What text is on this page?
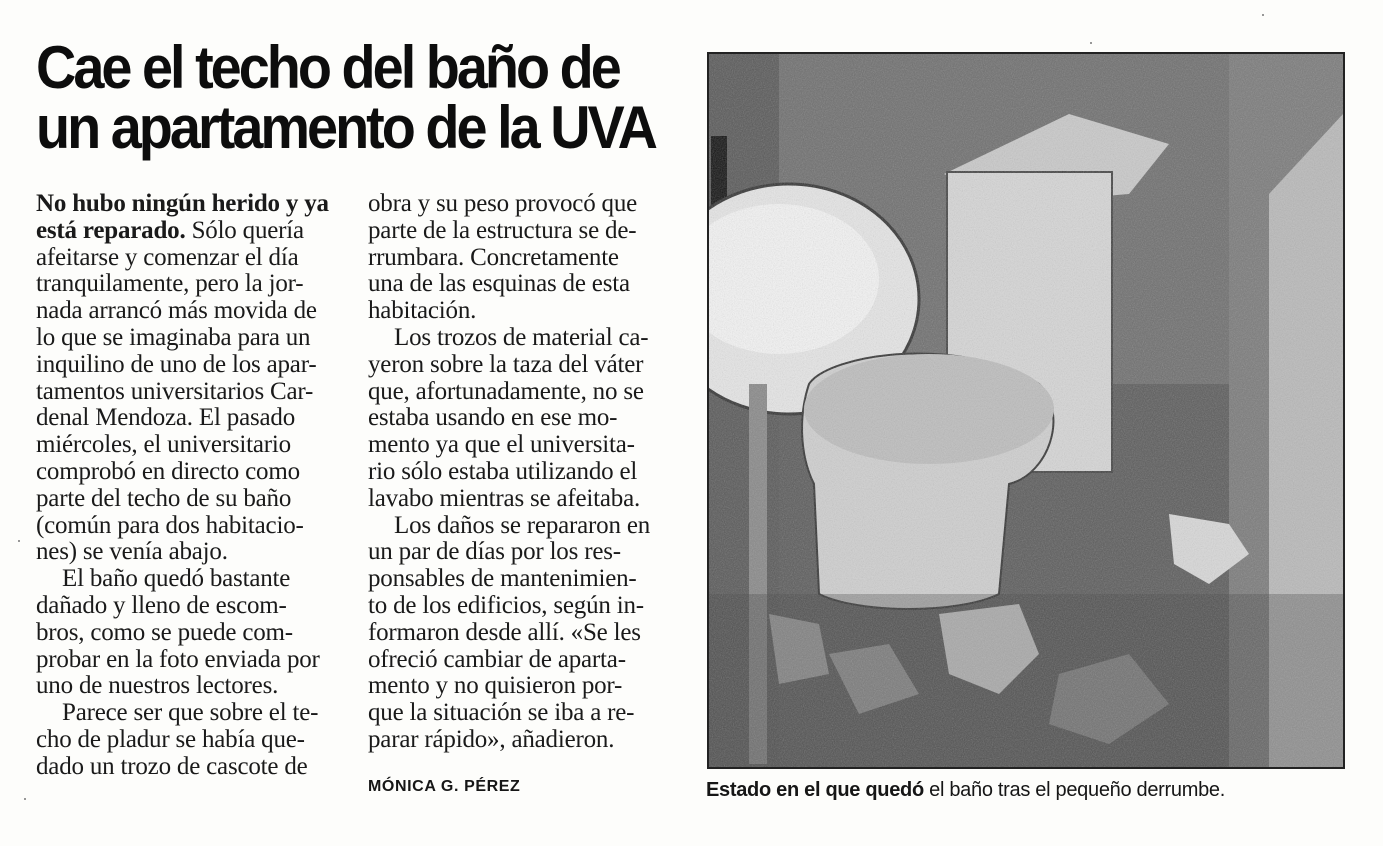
Cae el techo del baño de
un apartamento de la UVA
No hubo ningún herido y ya
está reparado. Sólo quería
afeitarse y comenzar el día
tranquilamente, pero la jor-
nada arrancó más movida de
lo que se imaginaba para un
inquilino de uno de los apar-
tamentos universitarios Car-
denal Mendoza. El pasado
miércoles, el universitario
comprobó en directo como
parte del techo de su baño
(común para dos habitacio-
nes) se venía abajo.
El baño quedó bastante
dañado y lleno de escom-
bros, como se puede com-
probar en la foto enviada por
uno de nuestros lectores.
Parece ser que sobre el te-
cho de pladur se había que-
dado un trozo de cascote de
obra y su peso provocó que
parte de la estructura se de-
rrumbara. Concretamente
una de las esquinas de esta
habitación.
Los trozos de material ca-
yeron sobre la taza del váter
que, afortunadamente, no se
estaba usando en ese mo-
mento ya que el universita-
rio sólo estaba utilizando el
lavabo mientras se afeitaba.
Los daños se repararon en
un par de días por los res-
ponsables de mantenimien-
to de los edificios, según in-
formaron desde allí. «Se les
ofreció cambiar de aparta-
mento y no quisieron por-
que la situación se iba a re-
parar rápido», añadieron.
MÓNICA G. PÉREZ	Estado en el que quedó el baño tras el pequeño derrumbe.
